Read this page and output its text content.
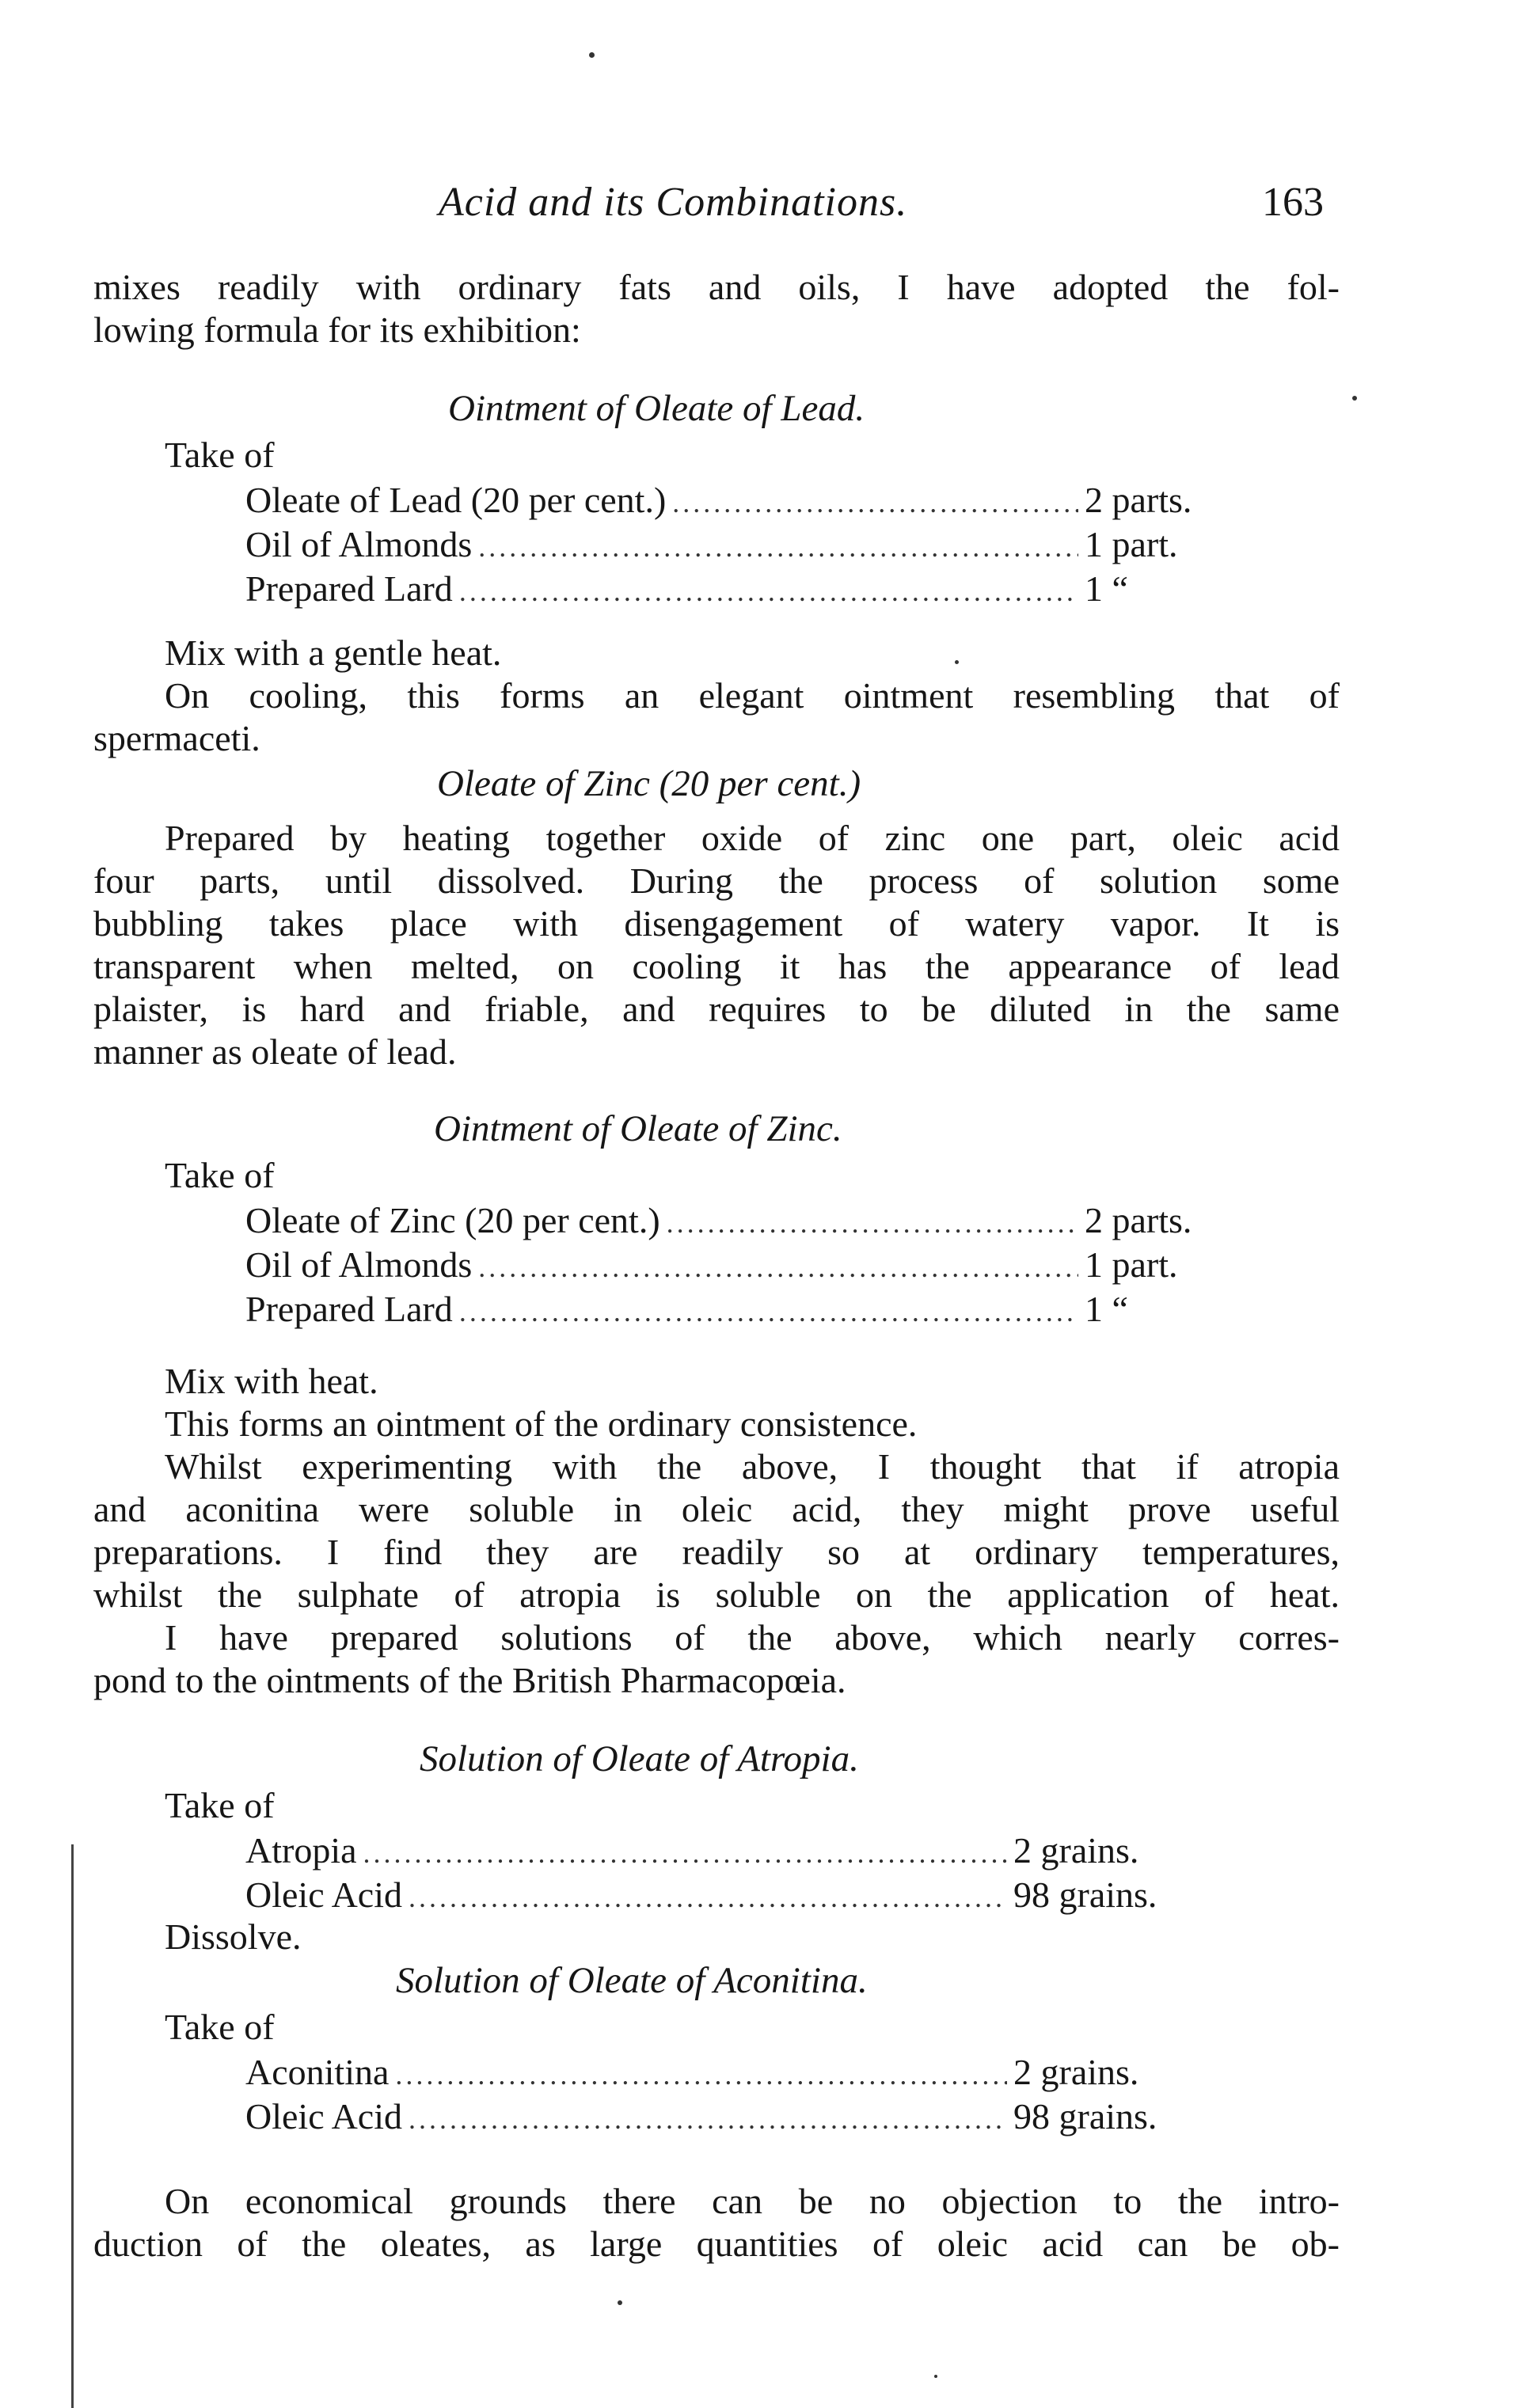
Acid and its Combinations.	163
mixes readily with ordinary fats and oils, I have adopted the fol-
lowing formula for its exhibition:
Ointment of Oleate of Lead.
Take of
Oleate of Lead (20 per cent.) .....	2 parts.
Oil of Almonds .....	1 part.
Prepared Lard .....	1 “
Mix with a gentle heat.
On cooling, this forms an elegant ointment resembling that of
spermaceti.
Oleate of Zinc (20 per cent.)
Prepared by heating together oxide of zinc one part, oleic acid
four parts, until dissolved. During the process of solution some
bubbling takes place with disengagement of watery vapor. It is
transparent when melted, on cooling it has the appearance of lead
plaister, is hard and friable, and requires to be diluted in the same
manner as oleate of lead.
Ointment of Oleate of Zinc.
Take of
Oleate of Zinc (20 per cent.) .....	2 parts.
Oil of Almonds .....	1 part.
Prepared Lard .....	1 “
Mix with heat.
This forms an ointment of the ordinary consistence.
Whilst experimenting with the above, I thought that if atropia
and aconitina were soluble in oleic acid, they might prove useful
preparations. I find they are readily so at ordinary temperatures,
whilst the sulphate of atropia is soluble on the application of heat.
I have prepared solutions of the above, which nearly corres-
pond to the ointments of the British Pharmacopœia.
Solution of Oleate of Atropia.
Take of
Atropia .....	2 grains.
Oleic Acid .....	98 grains.
Dissolve.
Solution of Oleate of Aconitina.
Take of
Aconitina .....	2 grains.
Oleic Acid .....	98 grains.
On economical grounds there can be no objection to the intro-
duction of the oleates, as large quantities of oleic acid can be ob-
